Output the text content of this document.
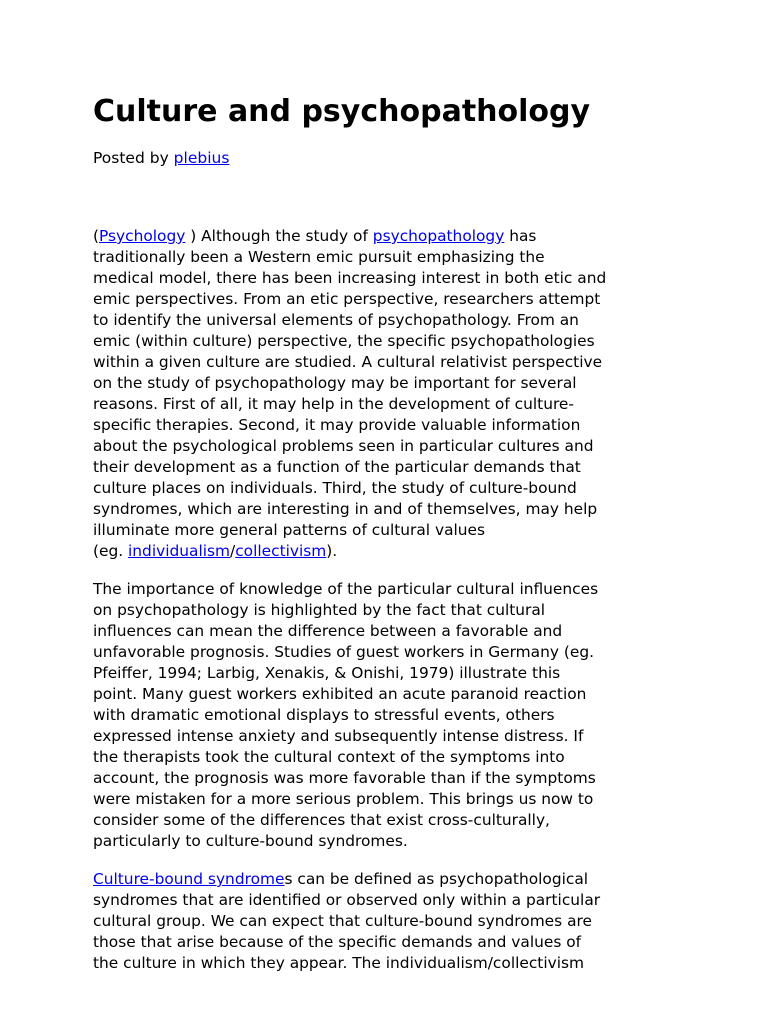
Culture and psychopathology
Posted by plebius
(Psychology ) Although the study of psychopathology has
traditionally been a Western emic pursuit emphasizing the
medical model, there has been increasing interest in both etic and
emic perspectives. From an etic perspective, researchers attempt
to identify the universal elements of psychopathology. From an
emic (within culture) perspective, the specific psychopathologies
within a given culture are studied. A cultural relativist perspective
on the study of psychopathology may be important for several
reasons. First of all, it may help in the development of culture-
specific therapies. Second, it may provide valuable information
about the psychological problems seen in particular cultures and
their development as a function of the particular demands that
culture places on individuals. Third, the study of culture-bound
syndromes, which are interesting in and of themselves, may help
illuminate more general patterns of cultural values
(eg. individualism/collectivism).
The importance of knowledge of the particular cultural influences
on psychopathology is highlighted by the fact that cultural
influences can mean the difference between a favorable and
unfavorable prognosis. Studies of guest workers in Germany (eg.
Pfeiffer, 1994; Larbig, Xenakis, & Onishi, 1979) illustrate this
point. Many guest workers exhibited an acute paranoid reaction
with dramatic emotional displays to stressful events, others
expressed intense anxiety and subsequently intense distress. If
the therapists took the cultural context of the symptoms into
account, the prognosis was more favorable than if the symptoms
were mistaken for a more serious problem. This brings us now to
consider some of the differences that exist cross-culturally,
particularly to culture-bound syndromes.
Culture-bound syndromes can be defined as psychopathological
syndromes that are identified or observed only within a particular
cultural group. We can expect that culture-bound syndromes are
those that arise because of the specific demands and values of
the culture in which they appear. The individualism/collectivism
